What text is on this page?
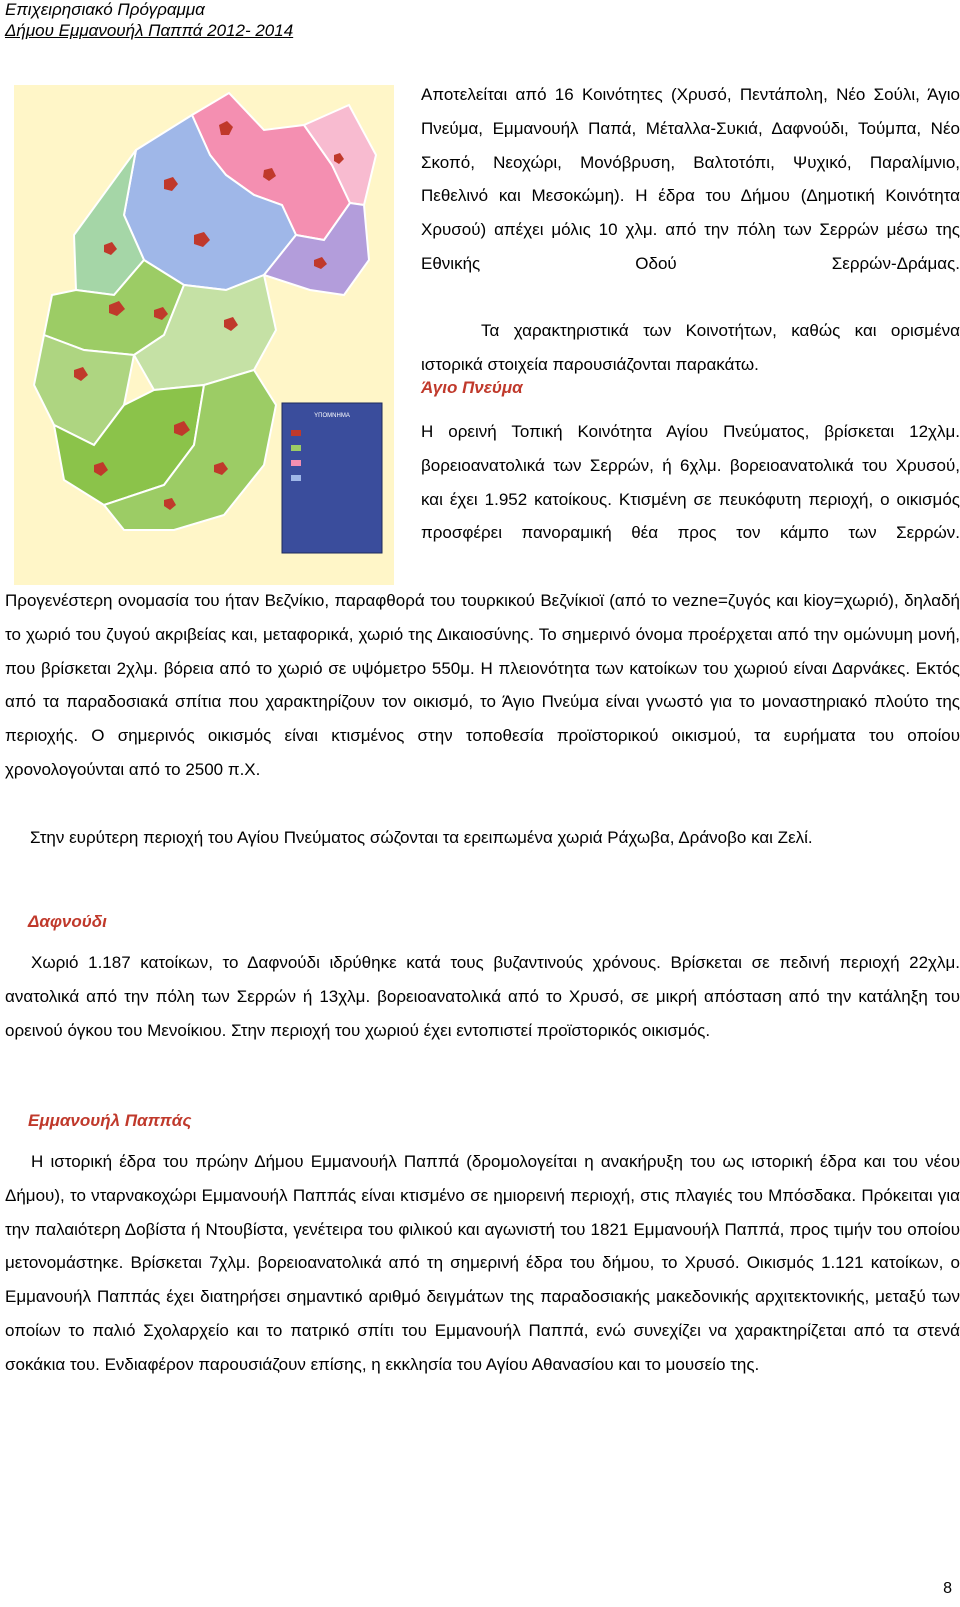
Επιχειρησιακό Πρόγραμμα
Δήμου Εμμανουήλ Παππά 2012- 2014
ΥΠΟΜΝΗΜΑ
Αποτελείται από 16 Κοινότητες (Χρυσό, Πεντάπολη, Νέο Σούλι, Άγιο Πνεύμα, Εμμανουήλ Παπά, Μέταλλα-Συκιά, Δαφνούδι, Τούμπα, Νέο Σκοπό, Νεοχώρι, Μονόβρυση, Βαλτοτόπι, Ψυχικό, Παραλίμνιο, Πεθελινό και Μεσοκώμη). Η έδρα του Δήμου (Δημοτική Κοινότητα Χρυσού) απέχει μόλις 10 χλμ. από την πόλη των Σερρών μέσω της Εθνικής Οδού Σερρών-Δράμας.
Τα χαρακτηριστικά των Κοινοτήτων, καθώς και ορισμένα ιστορικά στοιχεία παρουσιάζονται παρακάτω.
Άγιο Πνεύμα
Η ορεινή Τοπική Κοινότητα Αγίου Πνεύματος, βρίσκεται 12χλμ. βορειοανατολικά των Σερρών, ή 6χλμ. βορειοανατολικά του Χρυσού, και έχει 1.952 κατοίκους. Κτισμένη σε πευκόφυτη περιοχή, ο οικισμός προσφέρει πανοραμική θέα προς τον κάμπο των Σερρών.
Προγενέστερη ονομασία του ήταν Βεζνίκιο, παραφθορά του τουρκικού Βεζνίκιοϊ (από το vezne=ζυγός και kioy=χωριό), δηλαδή το χωριό του ζυγού ακριβείας και, μεταφορικά, χωριό της Δικαιοσύνης. Το σημερινό όνομα προέρχεται από την ομώνυμη μονή, που βρίσκεται 2χλμ. βόρεια από το χωριό σε υψόμετρο 550μ. Η πλειονότητα των κατοίκων του χωριού είναι Δαρνάκες. Εκτός από τα παραδοσιακά σπίτια που χαρακτηρίζουν τον οικισμό, το Άγιο Πνεύμα είναι γνωστό για το μοναστηριακό πλούτο της περιοχής. Ο σημερινός οικισμός είναι κτισμένος στην τοποθεσία προϊστορικού οικισμού, τα ευρήματα του οποίου χρονολογούνται από το 2500 π.Χ.
Στην ευρύτερη περιοχή του Αγίου Πνεύματος σώζονται τα ερειπωμένα χωριά Ράχωβα, Δράνοβο και Ζελί.
Δαφνούδι
Χωριό 1.187 κατοίκων, το Δαφνούδι ιδρύθηκε κατά τους βυζαντινούς χρόνους. Βρίσκεται σε πεδινή περιοχή 22χλμ. ανατολικά από την πόλη των Σερρών ή 13χλμ. βορειοανατολικά από το Χρυσό, σε μικρή απόσταση από την κατάληξη του ορεινού όγκου του Μενοίκιου. Στην περιοχή του χωριού έχει εντοπιστεί προϊστορικός οικισμός.
Εμμανουήλ Παππάς
Η ιστορική έδρα του πρώην Δήμου Εμμανουήλ Παππά (δρομολογείται η ανακήρυξη του ως ιστορική έδρα και του νέου Δήμου), το νταρνακοχώρι Εμμανουήλ Παππάς είναι κτισμένο σε ημιορεινή περιοχή, στις πλαγιές του Μπόσδακα. Πρόκειται για την παλαιότερη Δοβίστα ή Ντουβίστα, γενέτειρα του φιλικού και αγωνιστή του 1821 Εμμανουήλ Παππά, προς τιμήν του οποίου μετονομάστηκε. Βρίσκεται 7χλμ. βορειοανατολικά από τη σημερινή έδρα του δήμου, το Χρυσό. Οικισμός 1.121 κατοίκων, ο Εμμανουήλ Παππάς έχει διατηρήσει σημαντικό αριθμό δειγμάτων της παραδοσιακής μακεδονικής αρχιτεκτονικής, μεταξύ των οποίων το παλιό Σχολαρχείο και το πατρικό σπίτι του Εμμανουήλ Παππά, ενώ συνεχίζει να χαρακτηρίζεται από τα στενά σοκάκια του. Ενδιαφέρον παρουσιάζουν επίσης, η εκκλησία του Αγίου Αθανασίου και το μουσείο της.
8
